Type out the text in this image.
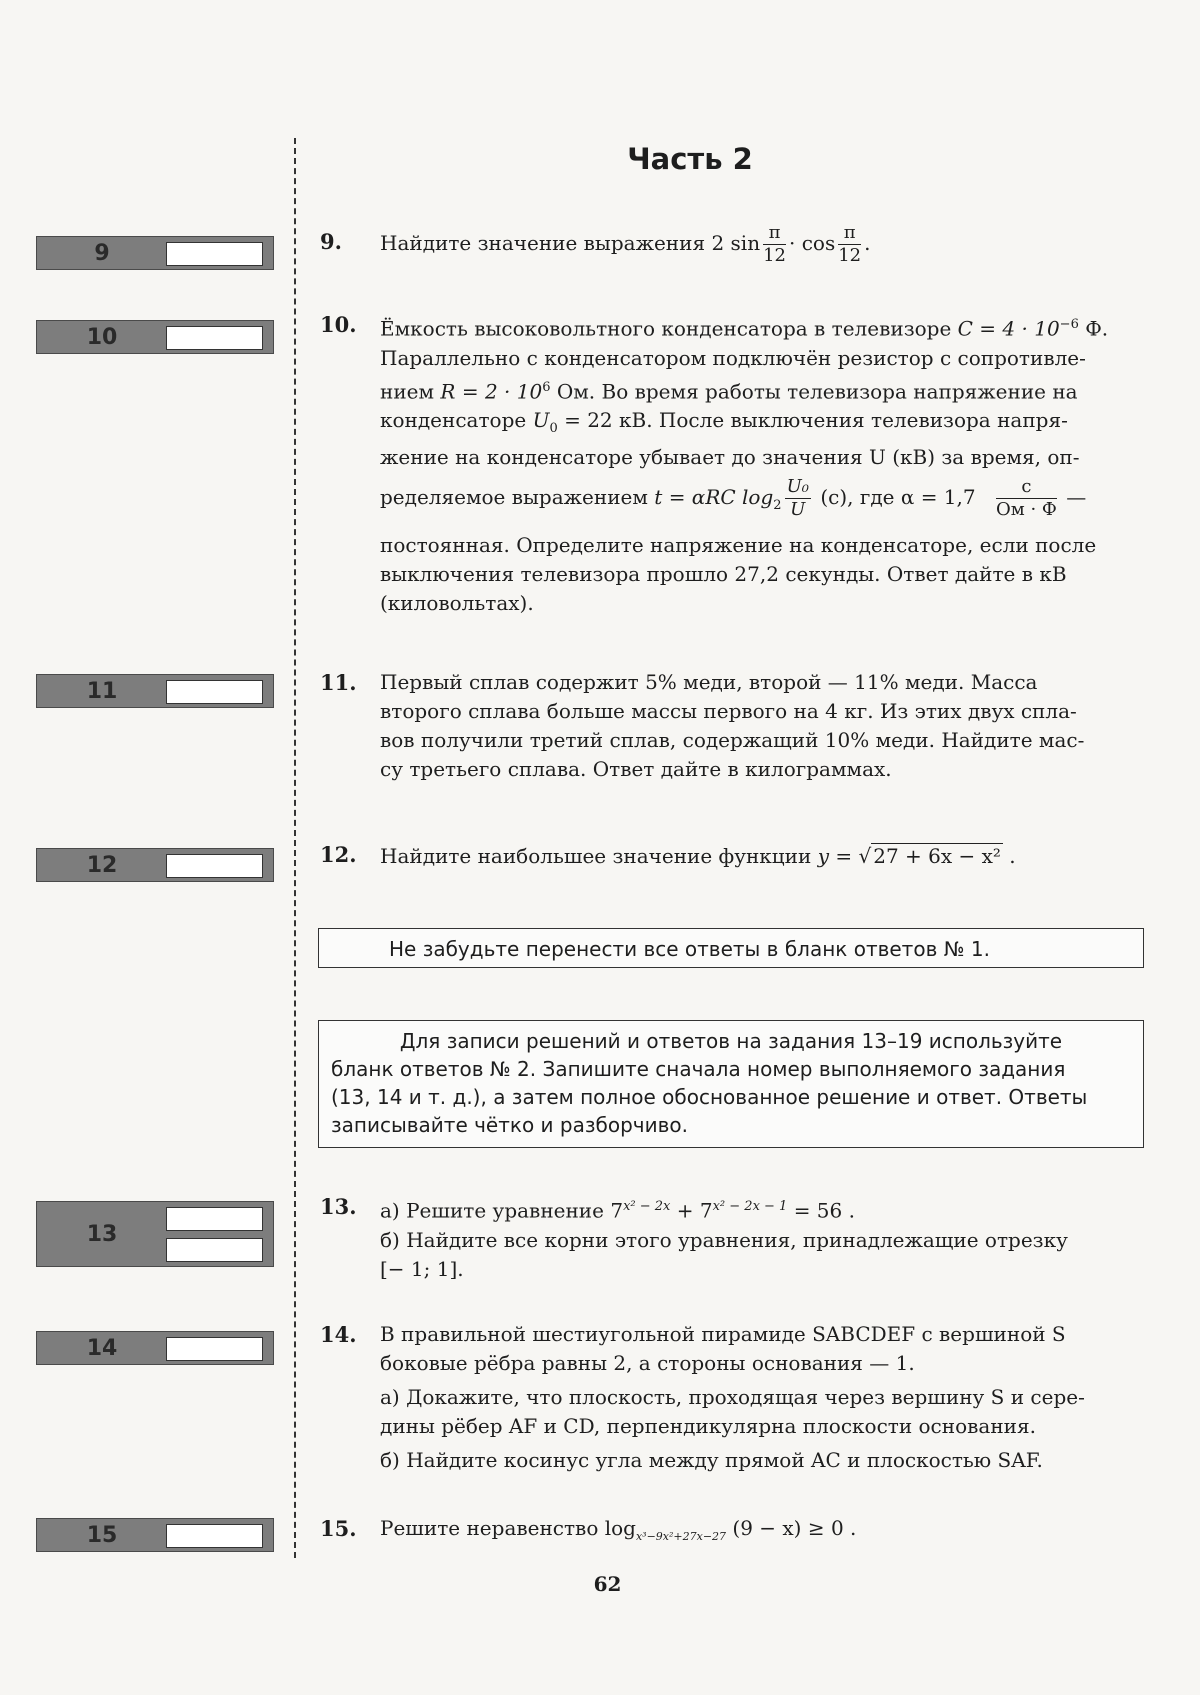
Часть 2
9
10
11
12
13
14
15
9.	Найдите значение выражения 2 $\sin \frac{\pi}{12} \cdot \cos \frac{\pi}{12}$ .
10.	Ёмкость высоковольтного конденсатора в телевизоре $C = 4 \cdot 10^{-6}$ Ф.
Параллельно с конденсатором подключён резистор с сопротивле-
нием $R = 2 \cdot 10^6$ Ом. Во время работы телевизора напряжение на
конденсаторе $U_0 = 22$ кВ. После выключения телевизора напря-
жение на конденсаторе убывает до значения U (кВ) за время, оп-
ределяемое выражением t = αRC $\log_2 \frac{\text{U₀}}{U} (с)$, где $\alpha = 1,7 \frac{с}{Ом \cdot Ф}$ —
постоянная. Определите напряжение на конденсаторе, если после
выключения телевизора прошло 27,2 секунды. Ответ дайте в кВ
(киловольтах).
11.	Первый сплав содержит 5% меди, второй — 11% меди. Масса
второго сплава больше массы первого на 4 кг. Из этих двух спла-
вов получили третий сплав, содержащий 10% меди. Найдите мас-
су третьего сплава. Ответ дайте в килограммах.
12.	Найдите наибольшее значение функции y = √ 27 + 6x − x² .
Не забудьте перенести все ответы в бланк ответов № 1.
Для записи решений и ответов на задания 13–19 используйте
бланк ответов № 2. Запишите сначала номер выполняемого задания
(13, 14 и т. д.), а затем полное обоснованное решение и ответ. Ответы
записывайте чётко и разборчиво.
13.	а) Решите уравнение $7^{x^2 - 2x} + 7^{x^2 - 2x - 1} = 56$ .
б) Найдите все корни этого уравнения, принадлежащие отрезку
[− 1; 1].
14.	В правильной шестиугольной пирамиде SABCDEF с вершиной S
боковые рёбра равны 2, а стороны основания — 1.
а) Докажите, что плоскость, проходящая через вершину S и сере-
дины рёбер AF и CD, перпендикулярна плоскости основания.
б) Найдите косинус угла между прямой AC и плоскостью SAF.
15.	Решите неравенство $\log_{x^3-9x^2+27x-27} (9 - x) \ge 0$ .
62
